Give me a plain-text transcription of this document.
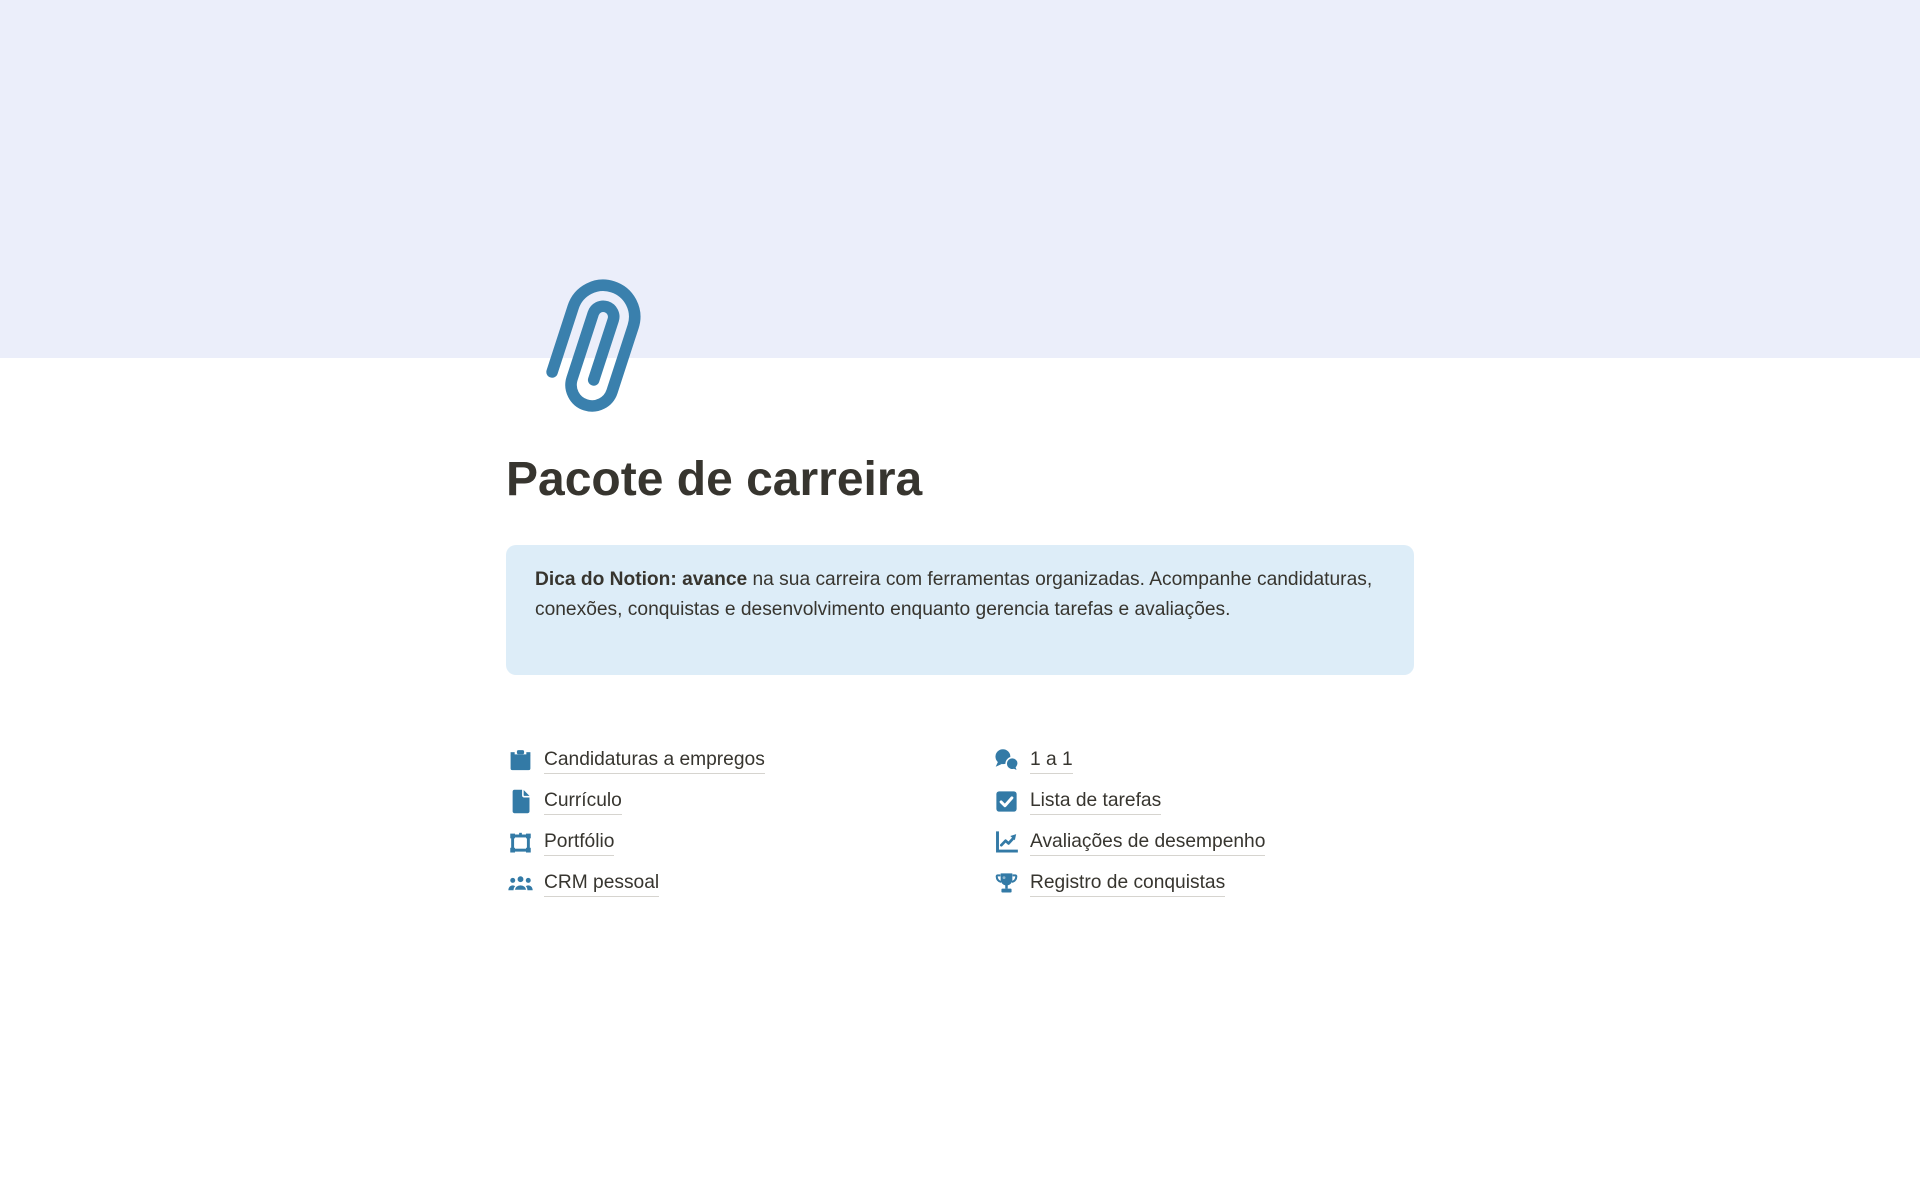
Pacote de carreira

Dica do Notion: avance na sua carreira com ferramentas organizadas. Acompanhe candidaturas, conexões, conquistas e desenvolvimento enquanto gerencia tarefas e avaliações.

Candidaturas a empregos
Currículo
Portfólio
CRM pessoal
1 a 1
Lista de tarefas
Avaliações de desempenho
Registro de conquistas
